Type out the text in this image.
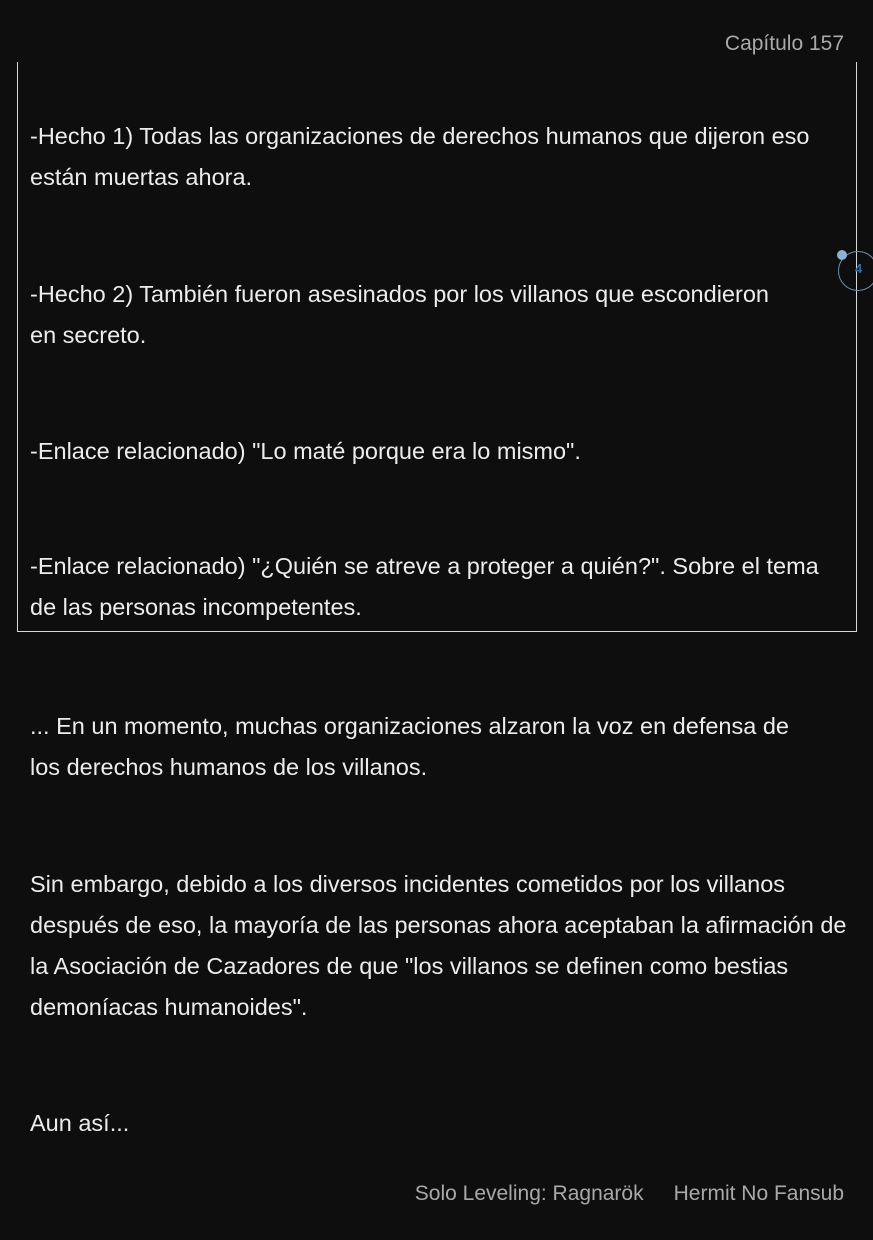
Capítulo 157
-Hecho 1) Todas las organizaciones de derechos humanos que dijeron eso están muertas ahora.
-Hecho 2) También fueron asesinados por los villanos que escondieron en secreto.
-Enlace relacionado) "Lo maté porque era lo mismo".
-Enlace relacionado) "¿Quién se atreve a proteger a quién?". Sobre el tema de las personas incompetentes.
4
... En un momento, muchas organizaciones alzaron la voz en defensa de los derechos humanos de los villanos.
Sin embargo, debido a los diversos incidentes cometidos por los villanos después de eso, la mayoría de las personas ahora aceptaban la afirmación de la Asociación de Cazadores de que "los villanos se definen como bestias demoníacas humanoides".
Aun así...
Solo Leveling: Ragnarök Hermit No Fansub
